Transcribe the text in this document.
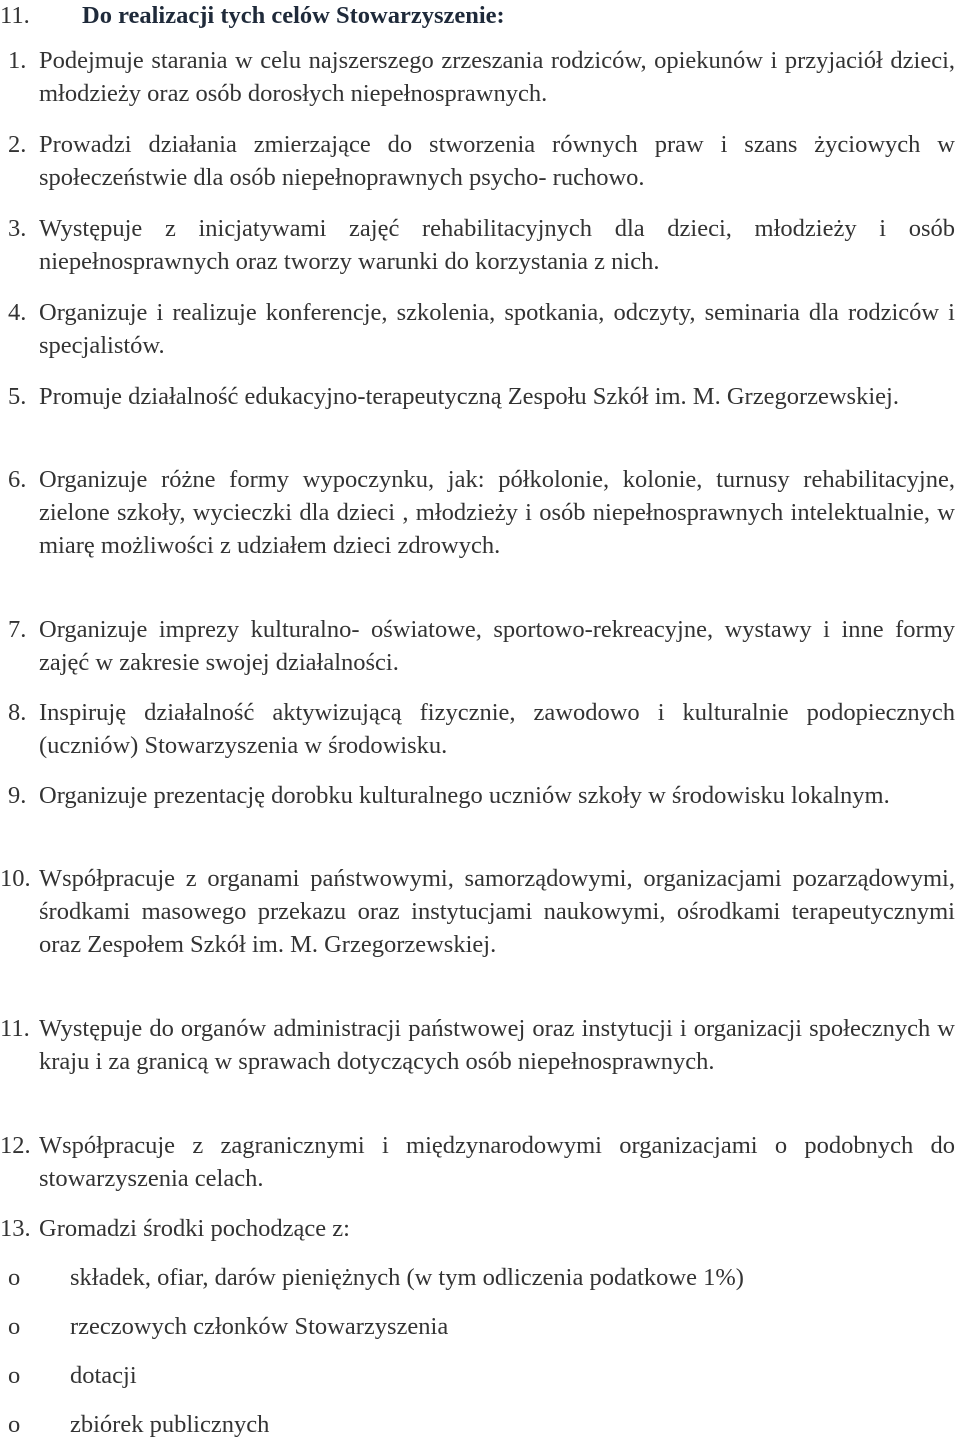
11. Do realizacji tych celów Stowarzyszenie:
1. Podejmuje starania w celu najszerszego zrzeszania rodziców, opiekunów i przyjaciół dzieci, młodzieży oraz osób dorosłych niepełnosprawnych.

2. Prowadzi działania zmierzające do stworzenia równych praw i szans życiowych w społeczeństwie dla osób niepełnoprawnych psycho- ruchowo.

3. Występuje z inicjatywami zajęć rehabilitacyjnych dla dzieci, młodzieży i osób niepełnosprawnych oraz tworzy warunki do korzystania z nich.

4. Organizuje i realizuje konferencje, szkolenia, spotkania, odczyty, seminaria dla rodziców i specjalistów.

5. Promuje działalność edukacyjno-terapeutyczną Zespołu Szkół im. M. Grzegorzewskiej.

6. Organizuje różne formy wypoczynku, jak: półkolonie, kolonie, turnusy rehabilitacyjne, zielone szkoły, wycieczki dla dzieci , młodzieży i osób niepełnosprawnych intelektualnie, w miarę możliwości z udziałem dzieci zdrowych.

7. Organizuje imprezy kulturalno- oświatowe, sportowo-rekreacyjne, wystawy i inne formy zajęć w zakresie swojej działalności.

8. Inspiruję działalność aktywizującą fizycznie, zawodowo i kulturalnie podopiecznych (uczniów) Stowarzyszenia w środowisku.

9. Organizuje prezentację dorobku kulturalnego uczniów szkoły w środowisku lokalnym.

10. Współpracuje z organami państwowymi, samorządowymi, organizacjami pozarządowymi, środkami masowego przekazu oraz instytucjami naukowymi, ośrodkami terapeutycznymi oraz Zespołem Szkół im. M. Grzegorzewskiej.

11. Występuje do organów administracji państwowej oraz instytucji i organizacji społecznych w kraju i za granicą w sprawach dotyczących osób niepełnosprawnych.

12. Współpracuje z zagranicznymi i międzynarodowymi organizacjami o podobnych do stowarzyszenia celach.

13. Gromadzi środki pochodzące z:

o składek, ofiar, darów pieniężnych (w tym odliczenia podatkowe 1%)
o rzeczowych członków Stowarzyszenia
o dotacji
o zbiórek publicznych
